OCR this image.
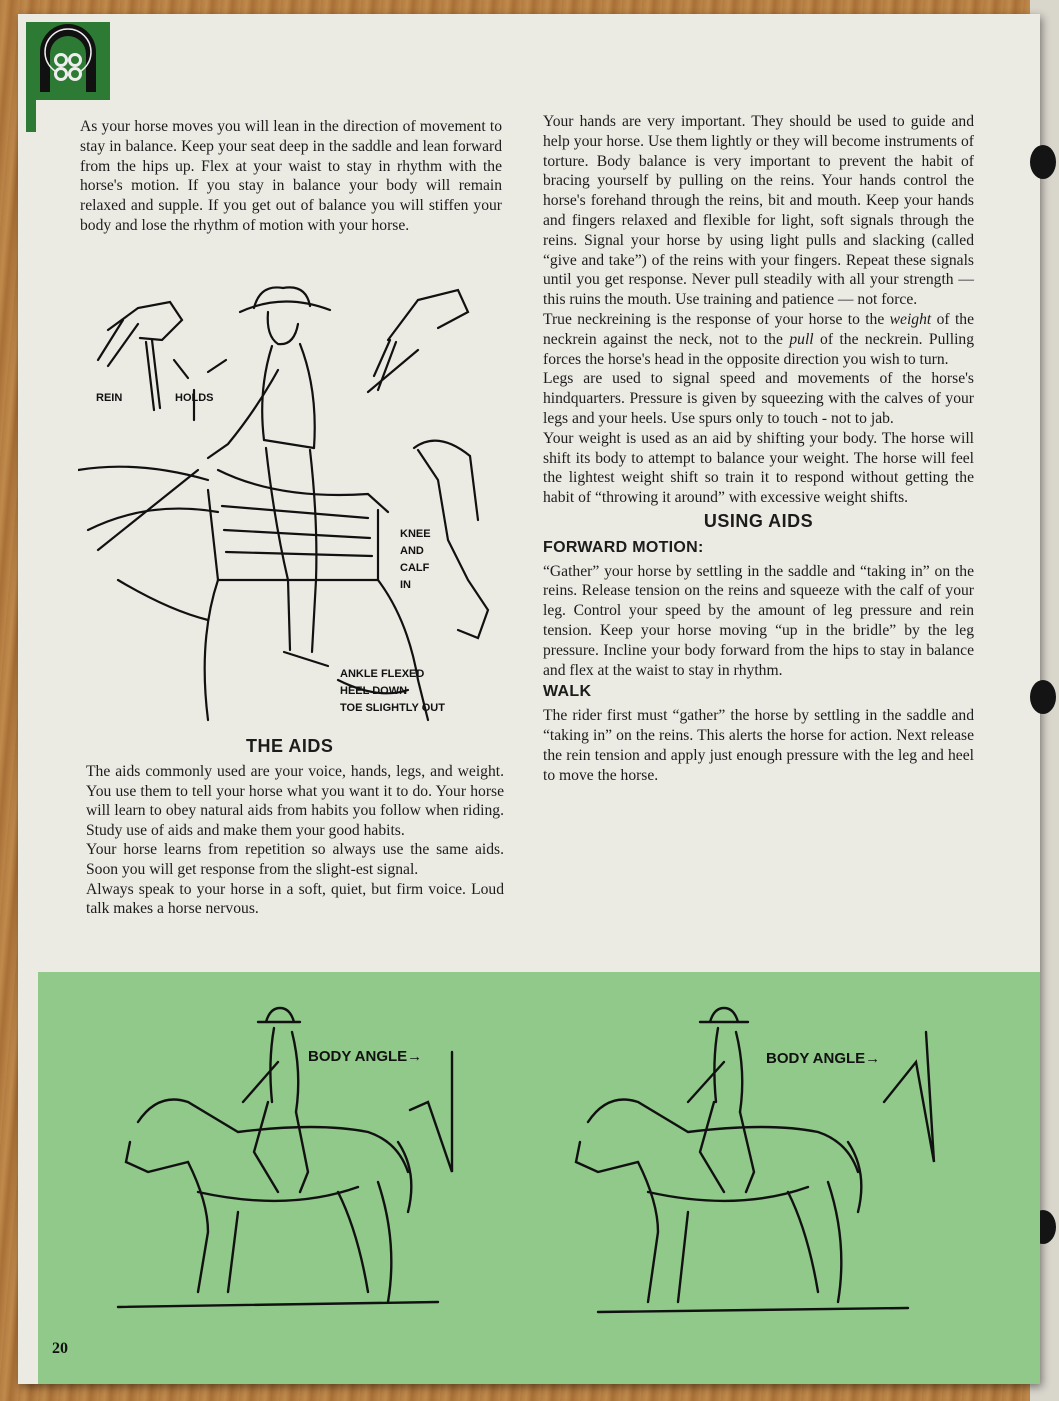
As your horse moves you will lean in the direction of movement to stay in balance. Keep your seat deep in the saddle and lean forward from the hips up. Flex at your waist to stay in rhythm with the horse's motion. If you stay in balance your body will remain relaxed and supple. If you get out of balance you will stiffen your body and lose the rhythm of motion with your horse.

REIN	HOLDS
KNEE
AND
CALF
IN
ANKLE FLEXED
HEEL DOWN
TOE SLIGHTLY OUT
THE AIDS

The aids commonly used are your voice, hands, legs, and weight. You use them to tell your horse what you want it to do. Your horse will learn to obey natural aids from habits you follow when riding. Study use of aids and make them your good habits.

Your horse learns from repetition so always use the same aids. Soon you will get response from the slight-est signal.

Always speak to your horse in a soft, quiet, but firm voice. Loud talk makes a horse nervous.

Your hands are very important. They should be used to guide and help your horse. Use them lightly or they will become instruments of torture. Body balance is very important to prevent the habit of bracing yourself by pulling on the reins. Your hands control the horse's forehand through the reins, bit and mouth. Keep your hands and fingers relaxed and flexible for light, soft signals through the reins. Signal your horse by using light pulls and slacking (called “give and take”) of the reins with your fingers. Repeat these signals until you get response. Never pull steadily with all your strength — this ruins the mouth. Use training and patience — not force.

True neckreining is the response of your horse to the weight of the neckrein against the neck, not to the pull of the neckrein. Pulling forces the horse's head in the opposite direction you wish to turn.

Legs are used to signal speed and movements of the horse's hindquarters. Pressure is given by squeezing with the calves of your legs and your heels. Use spurs only to touch - not to jab.

Your weight is used as an aid by shifting your body. The horse will shift its body to attempt to balance your weight. The horse will feel the lightest weight shift so train it to respond without getting the habit of “throwing it around” with excessive weight shifts.

USING AIDS
FORWARD MOTION:

“Gather” your horse by settling in the saddle and “taking in” on the reins. Release tension on the reins and squeeze with the calf of your leg. Control your speed by the amount of leg pressure and rein tension. Keep your horse moving “up in the bridle” by the leg pressure. Incline your body forward from the hips to stay in balance and flex at the waist to stay in rhythm.

WALK

The rider first must “gather” the horse by settling in the saddle and “taking in” on the reins. This alerts the horse for action. Next release the rein tension and apply just enough pressure with the leg and heel to move the horse.

BODY ANGLE→	BODY ANGLE→
20
